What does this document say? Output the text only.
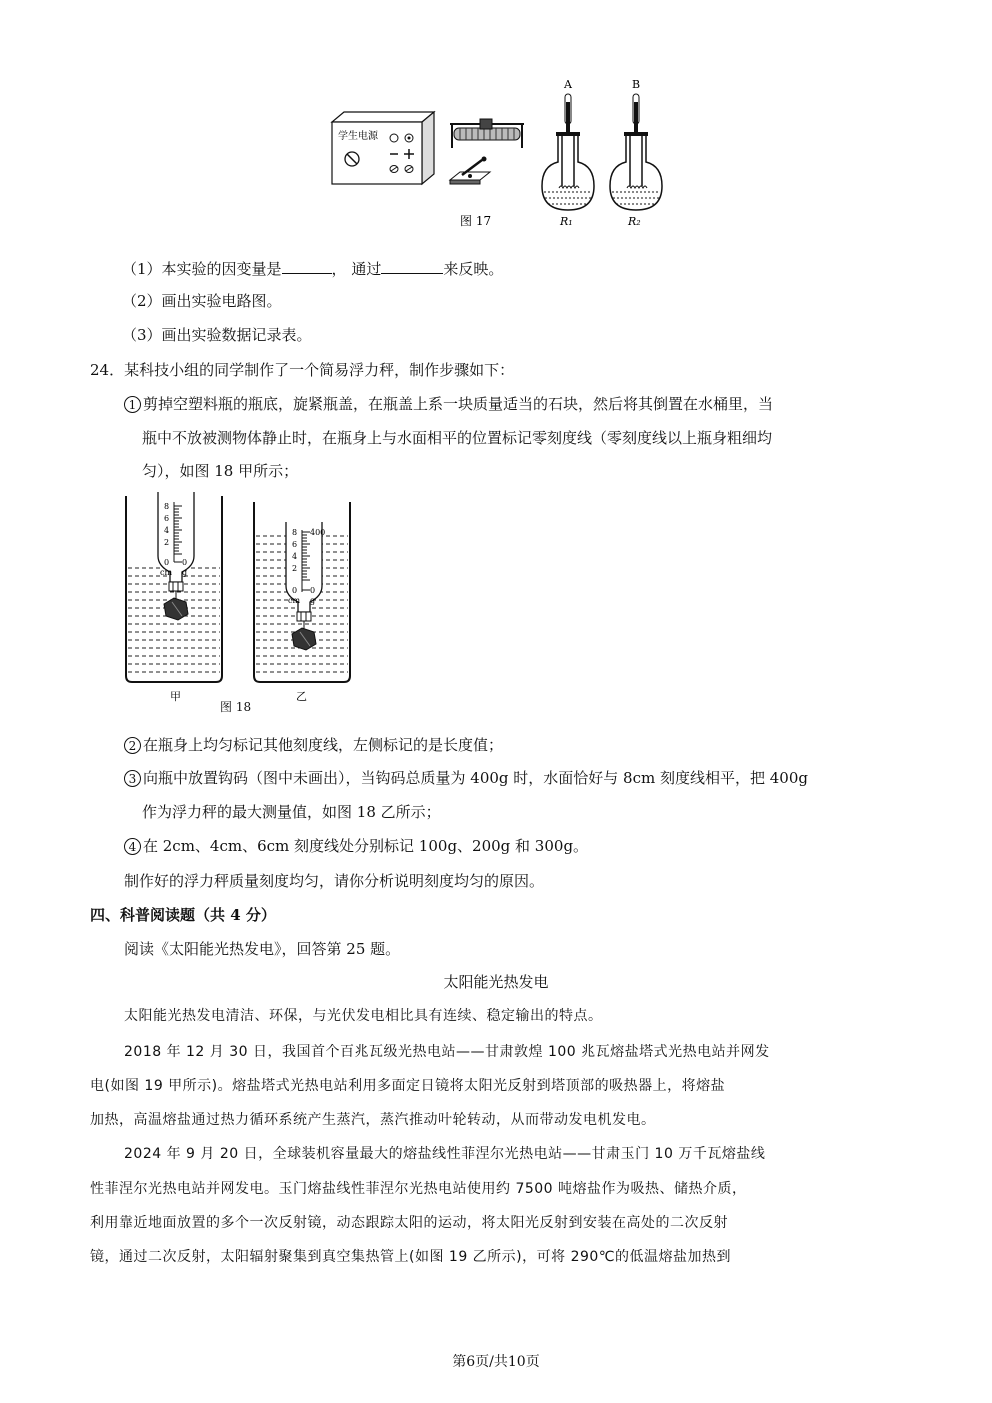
学生电源
A
R₁
B
R₂
图 17
（1）本实验的因变量是	， 通过	来反映。
（2）画出实验电路图。
（3）画出实验数据记录表。
24．某科技小组的同学制作了一个简易浮力秤，制作步骤如下：
1 剪掉空塑料瓶的瓶底，旋紧瓶盖，在瓶盖上系一块质量适当的石块，然后将其倒置在水桶里，当
瓶中不放被测物体静止时，在瓶身上与水面相平的位置标记零刻度线（零刻度线以上瓶身粗细均
匀），如图 18 甲所示；
8
6
4
2
0 0
cm g
甲
8
6
4
2
0
400
0
cm g
乙
图 18
2 在瓶身上均匀标记其他刻度线，左侧标记的是长度值；
3 向瓶中放置钩码（图中未画出），当钩码总质量为 400g 时，水面恰好与 8cm 刻度线相平，把 400g
作为浮力秤的最大测量值，如图 18 乙所示；
4 在 2cm、4cm、6cm 刻度线处分别标记 100g、200g 和 300g。
制作好的浮力秤质量刻度均匀，请你分析说明刻度均匀的原因。
四、科普阅读题（共 4 分）
阅读《太阳能光热发电》，回答第 25 题。
太阳能光热发电
太阳能光热发电清洁、环保，与光伏发电相比具有连续、稳定输出的特点。
2018 年 12 月 30 日，我国首个百兆瓦级光热电站——甘肃敦煌 100 兆瓦熔盐塔式光热电站并网发
电(如图 19 甲所示)。熔盐塔式光热电站利用多面定日镜将太阳光反射到塔顶部的吸热器上，将熔盐
加热，高温熔盐通过热力循环系统产生蒸汽，蒸汽推动叶轮转动，从而带动发电机发电。
2024 年 9 月 20 日，全球装机容量最大的熔盐线性菲涅尔光热电站——甘肃玉门 10 万千瓦熔盐线
性菲涅尔光热电站并网发电。玉门熔盐线性菲涅尔光热电站使用约 7500 吨熔盐作为吸热、储热介质，
利用靠近地面放置的多个一次反射镜，动态跟踪太阳的运动，将太阳光反射到安装在高处的二次反射
镜，通过二次反射，太阳辐射聚集到真空集热管上(如图 19 乙所示)，可将 290℃的低温熔盐加热到
第6页/共10页
